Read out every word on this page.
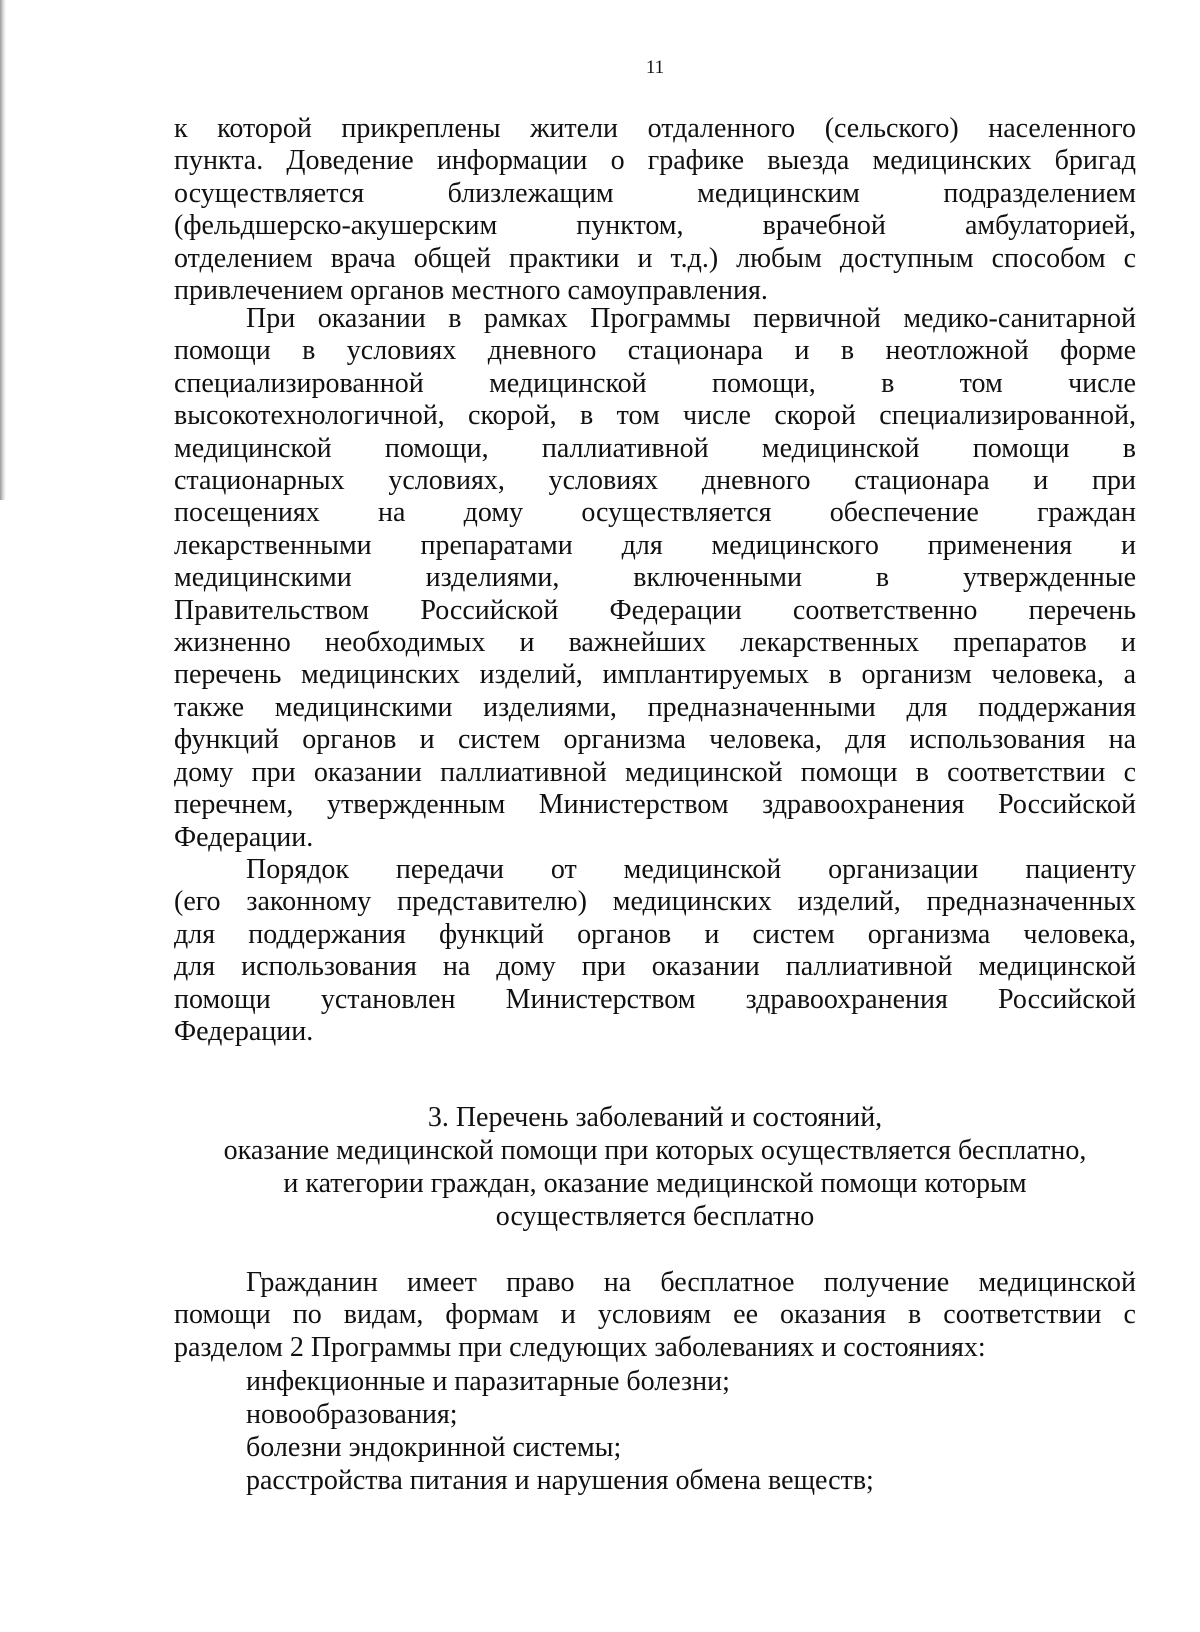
11
к которой прикреплены жители отдаленного (сельского) населенного
пункта. Доведение информации о графике выезда медицинских бригад
осуществляется близлежащим медицинским подразделением
(фельдшерско-акушерским пунктом, врачебной амбулаторией,
отделением врача общей практики и т.д.) любым доступным способом с
привлечением органов местного самоуправления.
При оказании в рамках Программы первичной медико-санитарной
помощи в условиях дневного стационара и в неотложной форме
специализированной медицинской помощи, в том числе
высокотехнологичной, скорой, в том числе скорой специализированной,
медицинской помощи, паллиативной медицинской помощи в
стационарных условиях, условиях дневного стационара и при
посещениях на дому осуществляется обеспечение граждан
лекарственными препаратами для медицинского применения и
медицинскими изделиями, включенными в утвержденные
Правительством Российской Федерации соответственно перечень
жизненно необходимых и важнейших лекарственных препаратов и
перечень медицинских изделий, имплантируемых в организм человека, а
также медицинскими изделиями, предназначенными для поддержания
функций органов и систем организма человека, для использования на
дому при оказании паллиативной медицинской помощи в соответствии с
перечнем, утвержденным Министерством здравоохранения Российской
Федерации.
Порядок передачи от медицинской организации пациенту
(его законному представителю) медицинских изделий, предназначенных
для поддержания функций органов и систем организма человека,
для использования на дому при оказании паллиативной медицинской
помощи установлен Министерством здравоохранения Российской
Федерации.
3. Перечень заболеваний и состояний,
оказание медицинской помощи при которых осуществляется бесплатно,
и категории граждан, оказание медицинской помощи которым
осуществляется бесплатно
Гражданин имеет право на бесплатное получение медицинской
помощи по видам, формам и условиям ее оказания в соответствии с
разделом 2 Программы при следующих заболеваниях и состояниях:
инфекционные и паразитарные болезни;
новообразования;
болезни эндокринной системы;
расстройства питания и нарушения обмена веществ;
